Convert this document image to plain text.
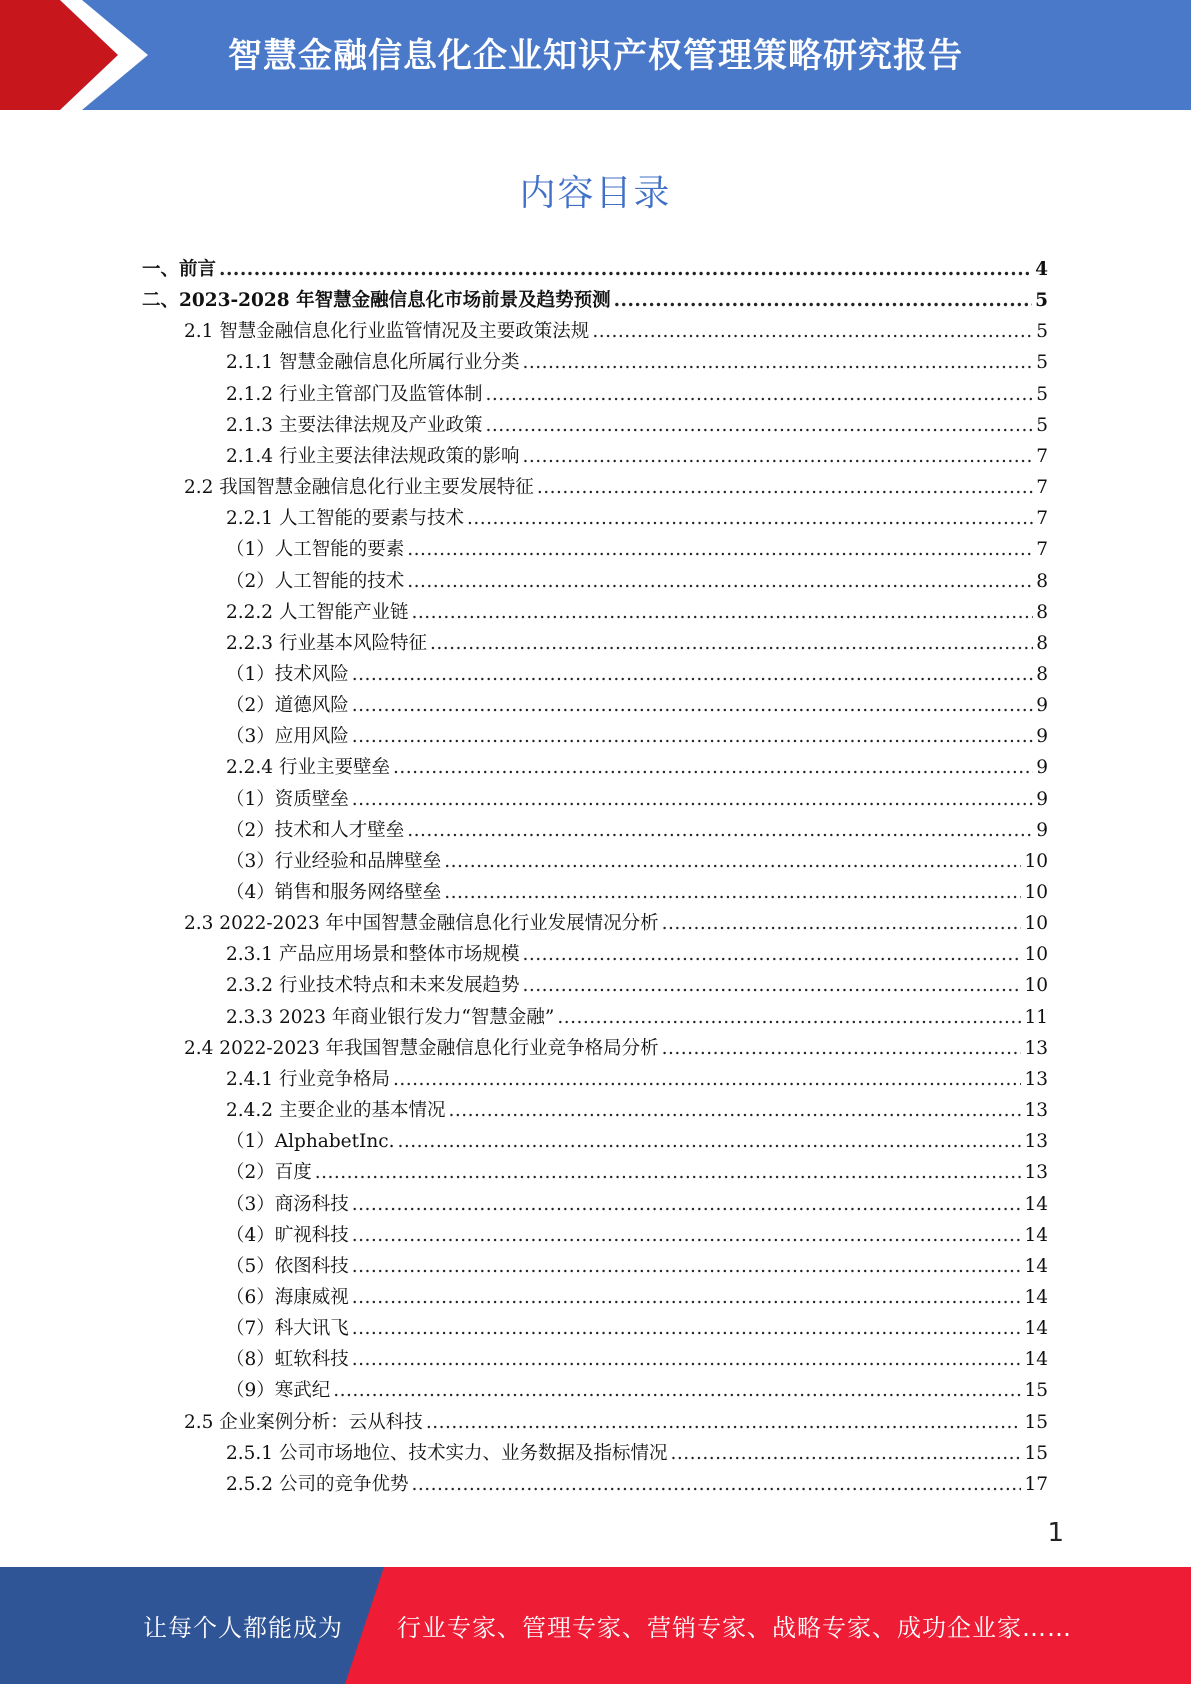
智慧金融信息化企业知识产权管理策略研究报告
内容目录
一、前言 .....	4
二、2023-2028 年智慧金融信息化市场前景及趋势预测 .....	5
2.1 智慧金融信息化行业监管情况及主要政策法规 .....	5
2.1.1 智慧金融信息化所属行业分类 .....	5
2.1.2 行业主管部门及监管体制 .....	5
2.1.3 主要法律法规及产业政策 .....	5
2.1.4 行业主要法律法规政策的影响 .....	7
2.2 我国智慧金融信息化行业主要发展特征 .....	7
2.2.1 人工智能的要素与技术 .....	7
（1）人工智能的要素 .....	7
（2）人工智能的技术 .....	8
2.2.2 人工智能产业链 .....	8
2.2.3 行业基本风险特征 .....	8
（1）技术风险 .....	8
（2）道德风险 .....	9
（3）应用风险 .....	9
2.2.4 行业主要壁垒 .....	9
（1）资质壁垒 .....	9
（2）技术和人才壁垒 .....	9
（3）行业经验和品牌壁垒 .....	10
（4）销售和服务网络壁垒 .....	10
2.3 2022-2023 年中国智慧金融信息化行业发展情况分析 .....	10
2.3.1 产品应用场景和整体市场规模 .....	10
2.3.2 行业技术特点和未来发展趋势 .....	10
2.3.3 2023 年商业银行发力“智慧金融” .....	11
2.4 2022-2023 年我国智慧金融信息化行业竞争格局分析 .....	13
2.4.1 行业竞争格局 .....	13
2.4.2 主要企业的基本情况 .....	13
（1）AlphabetInc. .....	13
（2）百度 .....	13
（3）商汤科技 .....	14
（4）旷视科技 .....	14
（5）依图科技 .....	14
（6）海康威视 .....	14
（7）科大讯飞 .....	14
（8）虹软科技 .....	14
（9）寒武纪 .....	15
2.5 企业案例分析：云从科技 .....	15
2.5.1 公司市场地位、技术实力、业务数据及指标情况 .....	15
2.5.2 公司的竞争优势 .....	17
1
让每个人都能成为 行业专家、管理专家、营销专家、战略专家、成功企业家……
